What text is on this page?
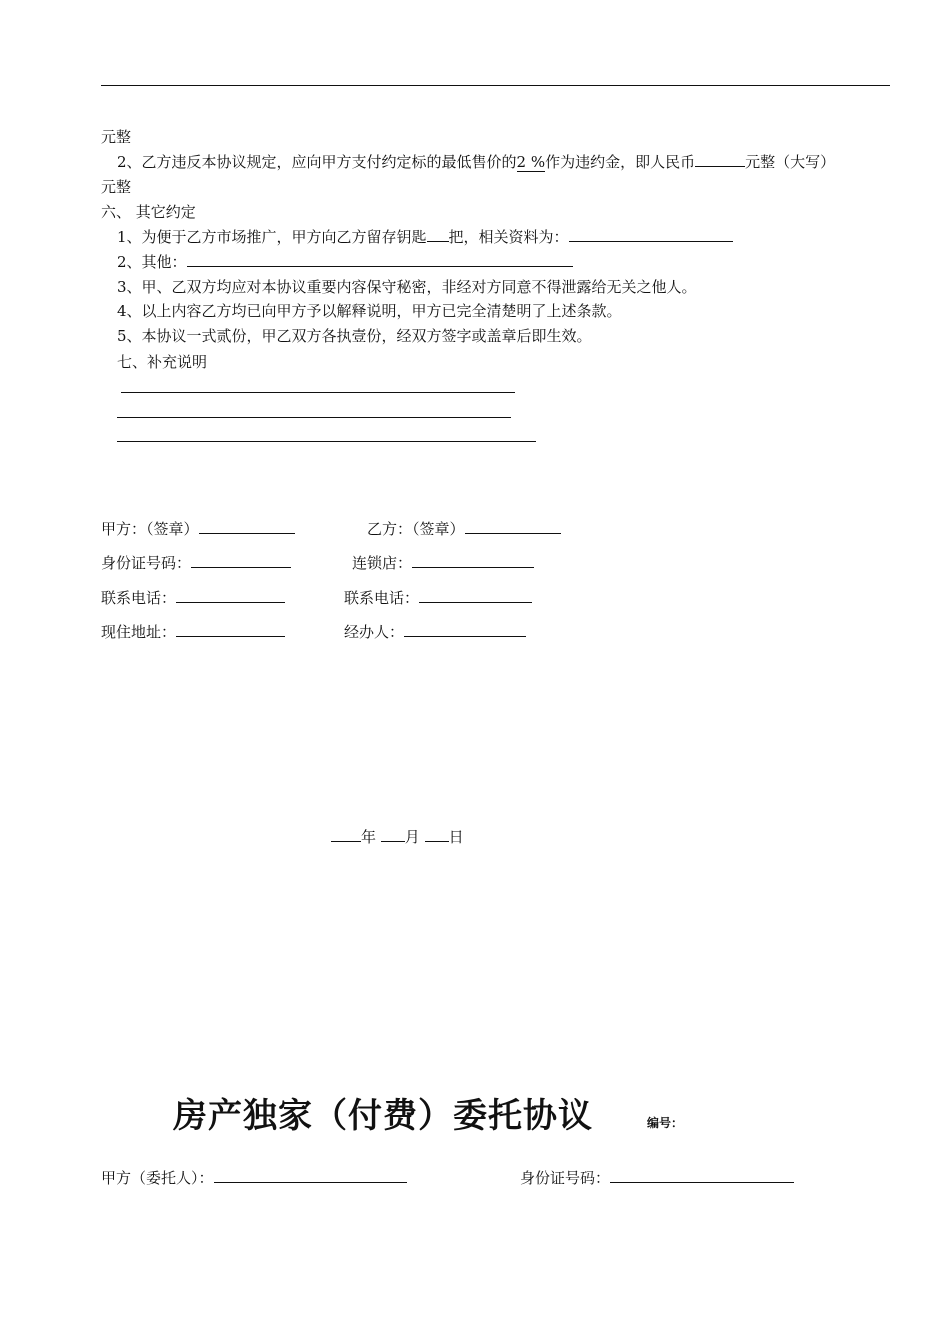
元整
2、乙方违反本协议规定，应向甲方支付约定标的最低售价的2 %作为违约金，即人民币	元整（大写）
元整
六、 其它约定
1、为便于乙方市场推广，甲方向乙方留存钥匙 把，相关资料为：
2、其他：
3、甲、乙双方均应对本协议重要内容保守秘密，非经对方同意不得泄露给无关之他人。
4、以上内容乙方均已向甲方予以解释说明，甲方已完全清楚明了上述条款。
5、本协议一式贰份，甲乙双方各执壹份，经双方签字或盖章后即生效。
七、补充说明
甲方：（签章）	乙方：（签章）
身份证号码：	连锁店：
联系电话：	联系电话：
现住地址：	经办人：
年 月 日
房产独家（付费）委托协议	编号：
甲方（委托人）：	身份证号码：
